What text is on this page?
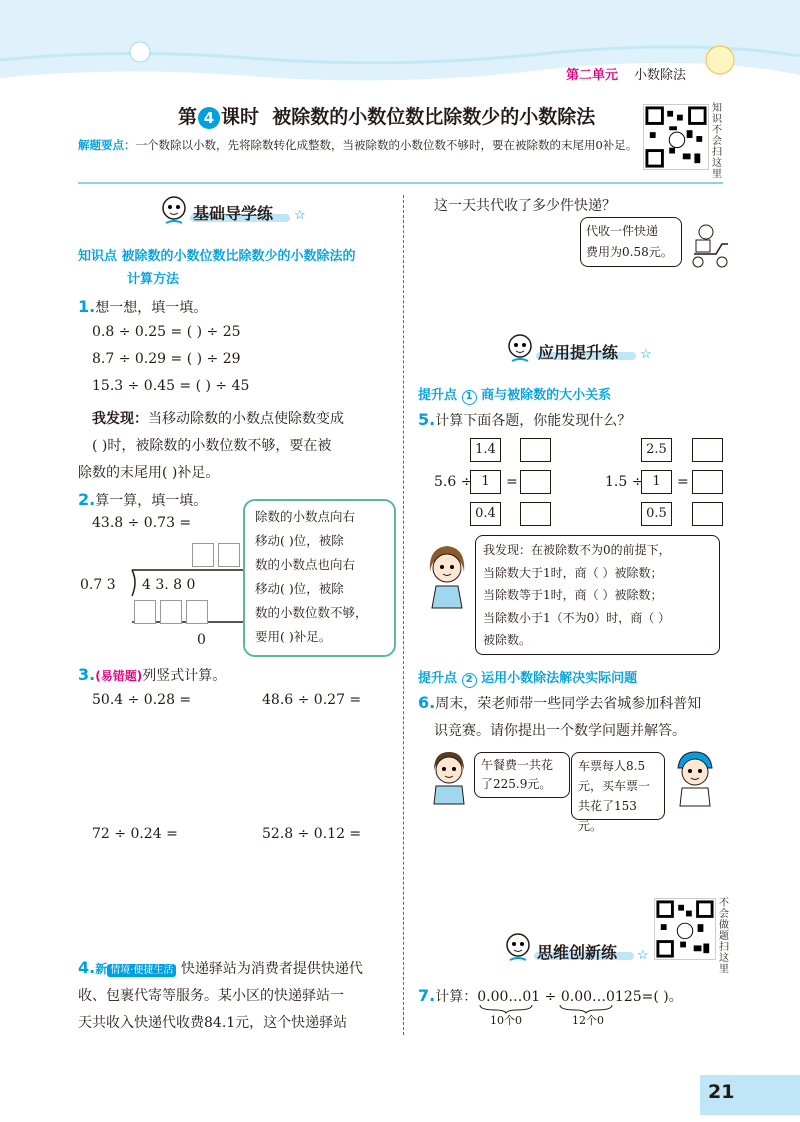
第二单元 小数除法
第 4 课时 被除数的小数位数比除数少的小数除法
解题要点：一个数除以小数，先将除数转化成整数，当被除数的小数位数不够时，要在被除数的末尾用0补足。
知识不会扫这里
基础导学练 ☆
知识点 被除数的小数位数比除数少的小数除法的
计算方法
1.想一想，填一填。
0.8 ÷ 0.25 = ( ) ÷ 25
8.7 ÷ 0.29 = ( ) ÷ 29
15.3 ÷ 0.45 = ( ) ÷ 45
我发现：当移动除数的小数点使除数变成
( )时，被除数的小数位数不够，要在被
除数的末尾用( )补足。
2.算一算，填一填。
43.8 ÷ 0.73 =
0.7 3 4 3. 8 0
0
除数的小数点向右
移动( )位，被除
数的小数点也向右
移动( )位，被除
数的小数位数不够，
要用( )补足。
3.(易错题)列竖式计算。
50.4 ÷ 0.28 =	48.6 ÷ 0.27 =
72 ÷ 0.24 =	52.8 ÷ 0.12 =
4.新 情境·便捷生活 快递驿站为消费者提供快递代
收、包裹代寄等服务。某小区的快递驿站一
天共收入快递代收费84.1元，这个快递驿站
这一天共代收了多少件快递？
代收一件快递
费用为0.58元。
应用提升练 ☆
提升点 1 商与被除数的大小关系
5.计算下面各题，你能发现什么？
1.4
1
0.4
5.6 ÷ =
2.5
1
0.5
1.5 ÷ =
我发现：在被除数不为0的前提下，
当除数大于1时，商（ ）被除数；
当除数等于1时，商（ ）被除数；
当除数小于1（不为0）时，商（ ）
被除数。
提升点 2 运用小数除法解决实际问题
6.周末，荣老师带一些同学去省城参加科普知
识竞赛。请你提出一个数学问题并解答。
午餐费一共花
了225.9元。
车票每人8.5
元，买车票一
共花了153元。
不会做题扫这里
思维创新练 ☆
7.计算：0.00…01 ÷ 0.00…0125=( )。
10个0	12个0
21
